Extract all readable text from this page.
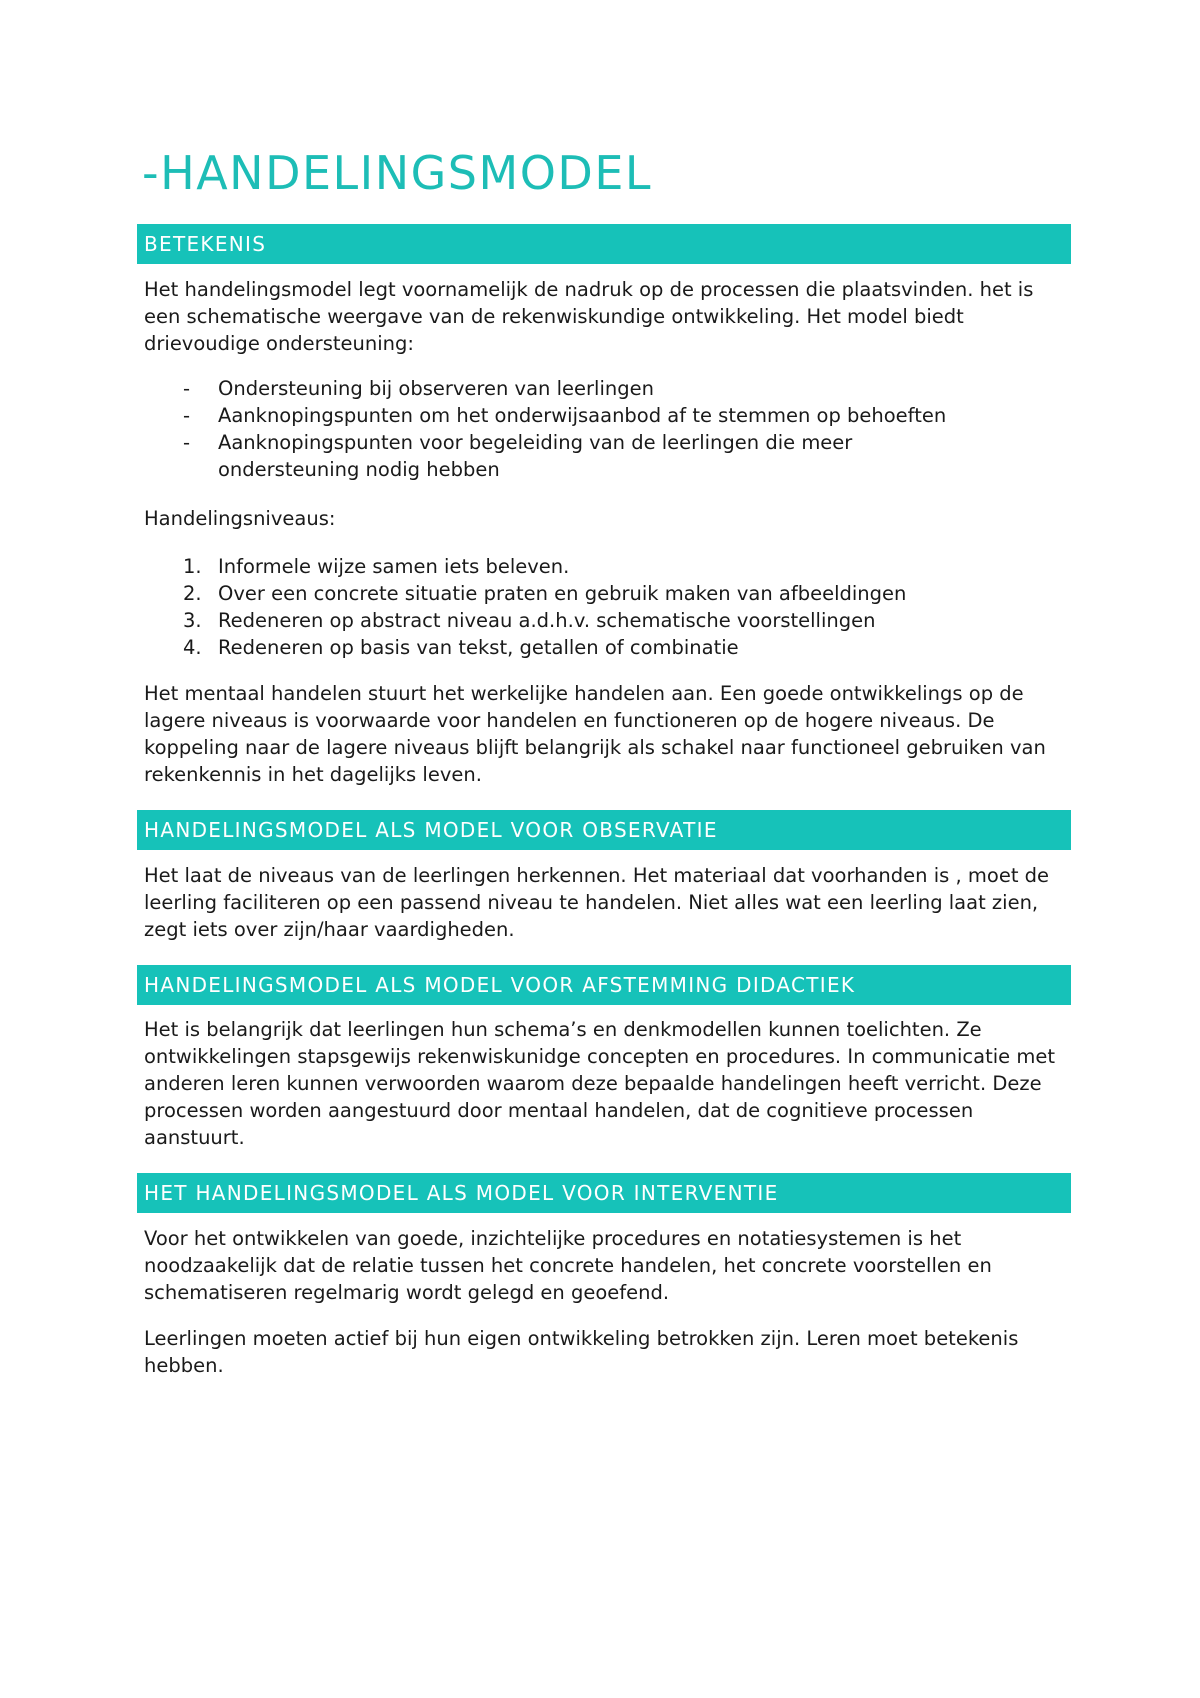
-HANDELINGSMODEL
BETEKENIS

Het handelingsmodel legt voornamelijk de nadruk op de processen die plaatsvinden. het is een schematische weergave van de rekenwiskundige ontwikkeling. Het model biedt drievoudige ondersteuning:

- Ondersteuning bij observeren van leerlingen
- Aanknopingspunten om het onderwijsaanbod af te stemmen op behoeften
- Aanknopingspunten voor begeleiding van de leerlingen die meer ondersteuning nodig hebben

Handelingsniveaus:

1. Informele wijze samen iets beleven.
2. Over een concrete situatie praten en gebruik maken van afbeeldingen
3. Redeneren op abstract niveau a.d.h.v. schematische voorstellingen
4. Redeneren op basis van tekst, getallen of combinatie

Het mentaal handelen stuurt het werkelijke handelen aan. Een goede ontwikkelings op de lagere niveaus is voorwaarde voor handelen en functioneren op de hogere niveaus. De koppeling naar de lagere niveaus blijft belangrijk als schakel naar functioneel gebruiken van rekenkennis in het dagelijks leven.

HANDELINGSMODEL ALS MODEL VOOR OBSERVATIE

Het laat de niveaus van de leerlingen herkennen. Het materiaal dat voorhanden is , moet de leerling faciliteren op een passend niveau te handelen. Niet alles wat een leerling laat zien, zegt iets over zijn/haar vaardigheden.

HANDELINGSMODEL ALS MODEL VOOR AFSTEMMING DIDACTIEK

Het is belangrijk dat leerlingen hun schema’s en denkmodellen kunnen toelichten. Ze ontwikkelingen stapsgewijs rekenwiskunidge concepten en procedures. In communicatie met anderen leren kunnen verwoorden waarom deze bepaalde handelingen heeft verricht. Deze processen worden aangestuurd door mentaal handelen, dat de cognitieve processen aanstuurt.

HET HANDELINGSMODEL ALS MODEL VOOR INTERVENTIE

Voor het ontwikkelen van goede, inzichtelijke procedures en notatiesystemen is het noodzaakelijk dat de relatie tussen het concrete handelen, het concrete voorstellen en schematiseren regelmarig wordt gelegd en geoefend.

Leerlingen moeten actief bij hun eigen ontwikkeling betrokken zijn. Leren moet betekenis hebben.
